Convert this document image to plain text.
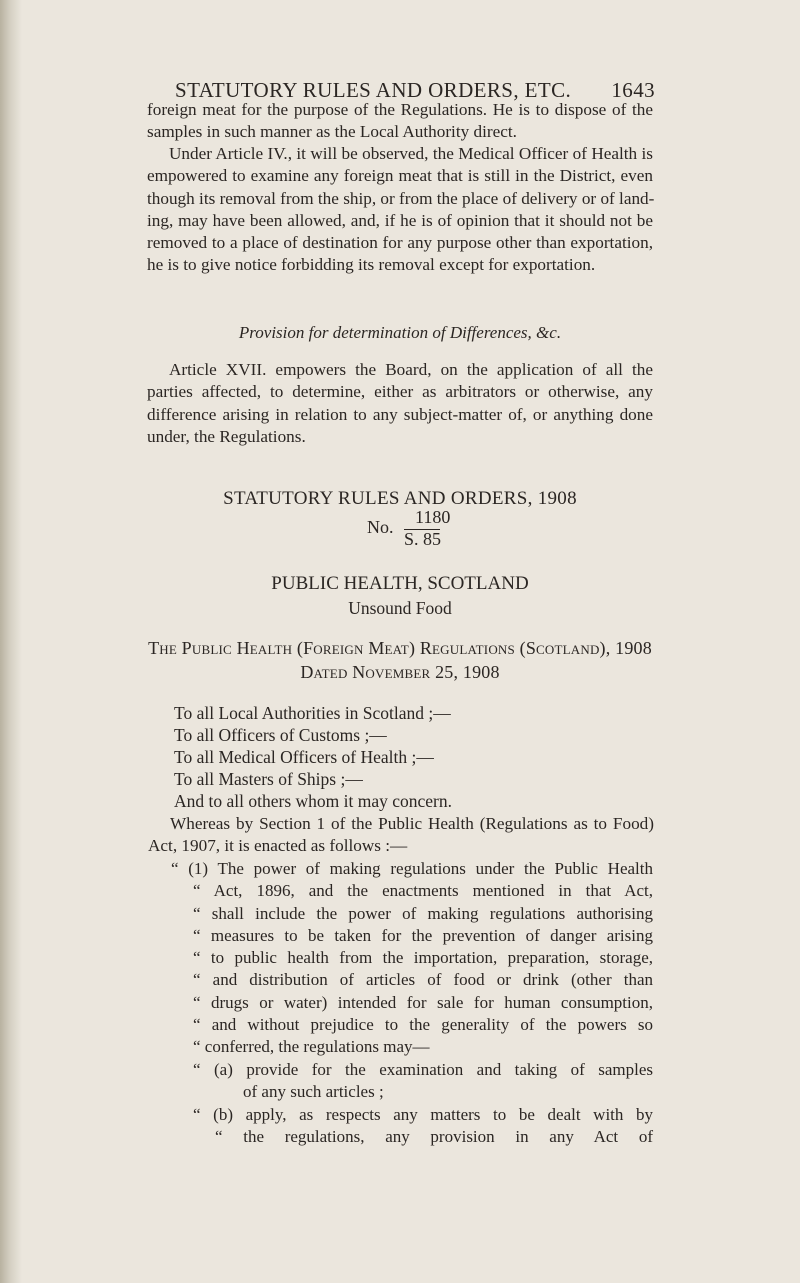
STATUTORY RULES AND ORDERS, ETC. 1643
foreign meat for the purpose of the Regulations. He is to dispose of the
samples in such manner as the Local Authority direct.
Under Article IV., it will be observed, the Medical Officer of Health is
empowered to examine any foreign meat that is still in the District, even
though its removal from the ship, or from the place of delivery or of land-
ing, may have been allowed, and, if he is of opinion that it should not be
removed to a place of destination for any purpose other than exportation,
he is to give notice forbidding its removal except for exportation.
Provision for determination of Differences, &c.
Article XVII. empowers the Board, on the application of all the
parties affected, to determine, either as arbitrators or otherwise, any
difference arising in relation to any subject-matter of, or anything done
under, the Regulations.
STATUTORY RULES AND ORDERS, 1908
No. 1180
S. 85
PUBLIC HEALTH, SCOTLAND
Unsound Food
The Public Health (Foreign Meat) Regulations (Scotland), 1908
Dated November 25, 1908
To all Local Authorities in Scotland ;—
To all Officers of Customs ;—
To all Medical Officers of Health ;—
To all Masters of Ships ;—
And to all others whom it may concern.
Whereas by Section 1 of the Public Health (Regulations as to Food)
Act, 1907, it is enacted as follows :—
“ (1) The power of making regulations under the Public Health
“ Act, 1896, and the enactments mentioned in that Act,
“ shall include the power of making regulations authorising
“ measures to be taken for the prevention of danger arising
“ to public health from the importation, preparation, storage,
“ and distribution of articles of food or drink (other than
“ drugs or water) intended for sale for human consumption,
“ and without prejudice to the generality of the powers so
“ conferred, the regulations may—
“ (a) provide for the examination and taking of samples
of any such articles ;
“ (b) apply, as respects any matters to be dealt with by
“ the regulations, any provision in any Act of
